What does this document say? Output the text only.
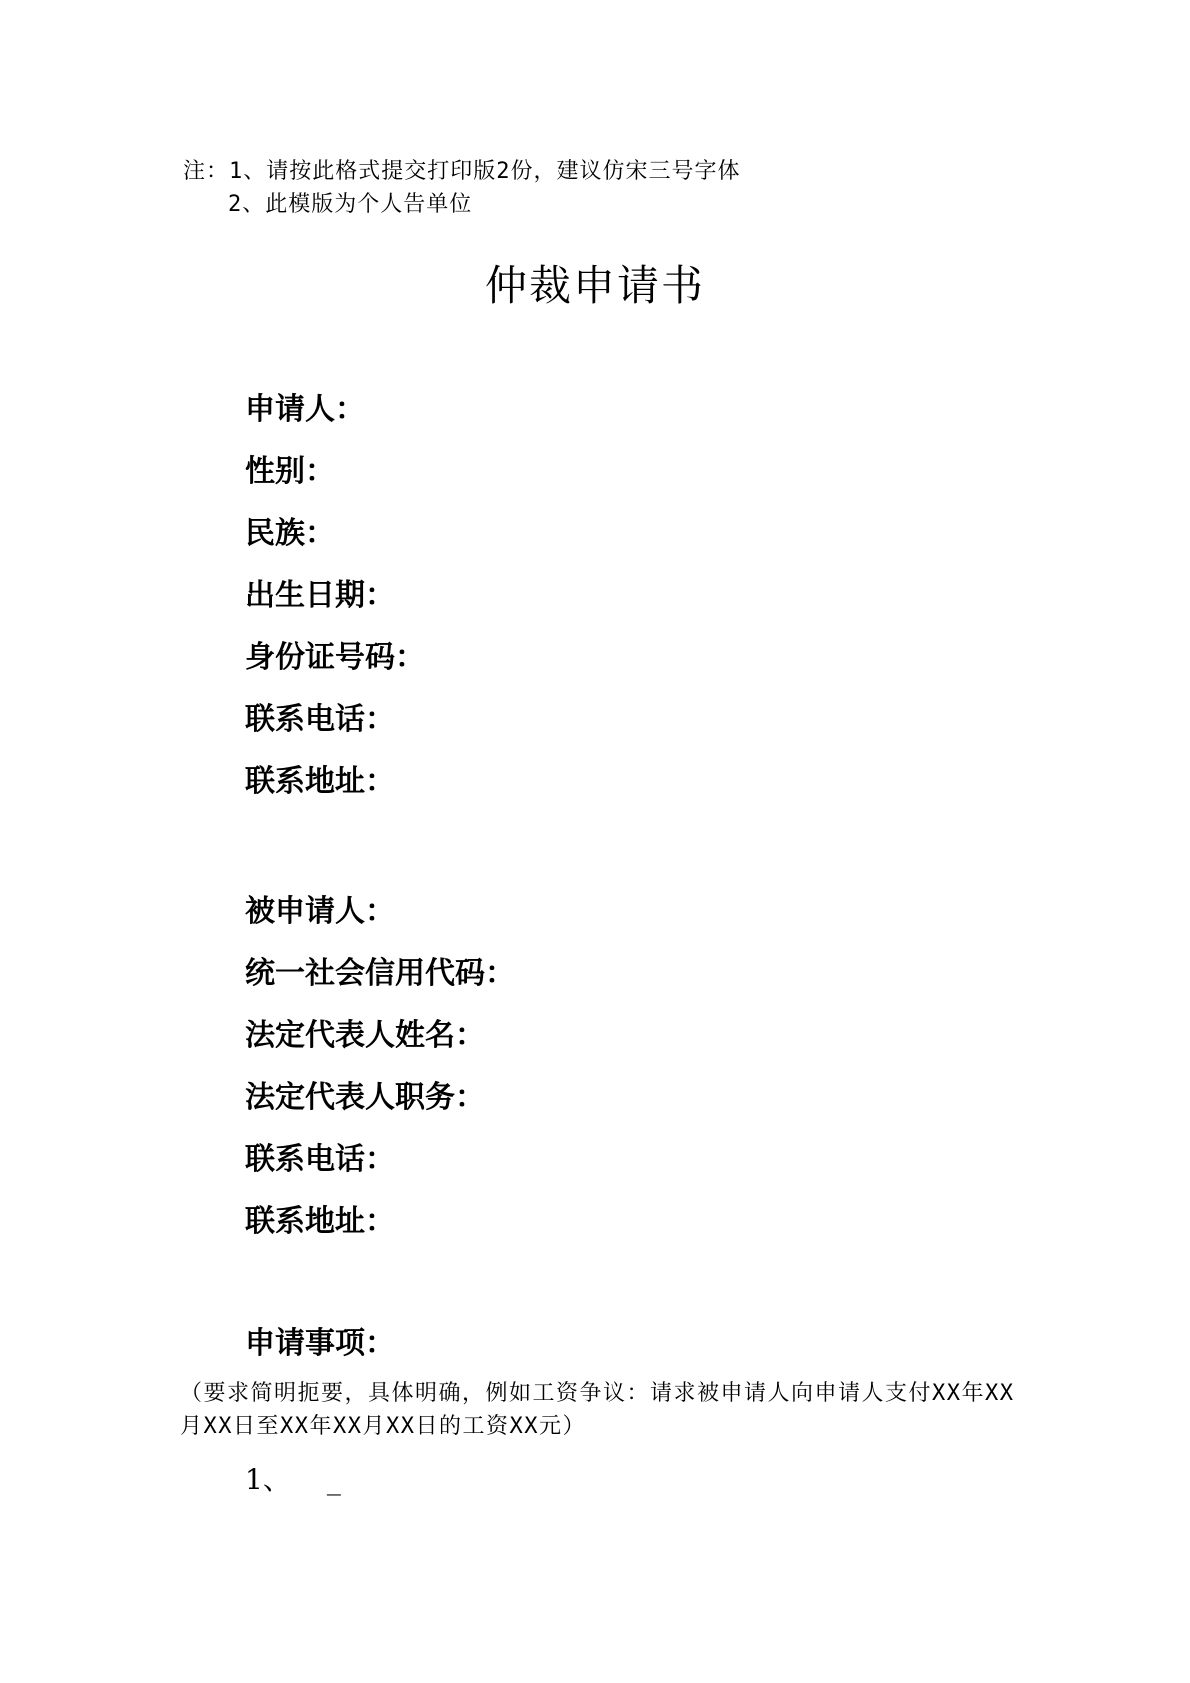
注：1、请按此格式提交打印版2份，建议仿宋三号字体
2、此模版为个人告单位
仲裁申请书
申请人：
性别：
民族：
出生日期：
身份证号码：
联系电话：
联系地址：
被申请人：
统一社会信用代码：
法定代表人姓名：
法定代表人职务：
联系电话：
联系地址：
申请事项：

（要求简明扼要，具体明确，例如工资争议：请求被申请人向申请人支付XX年XX月XX日至XX年XX月XX日的工资XX元）

1、 _
